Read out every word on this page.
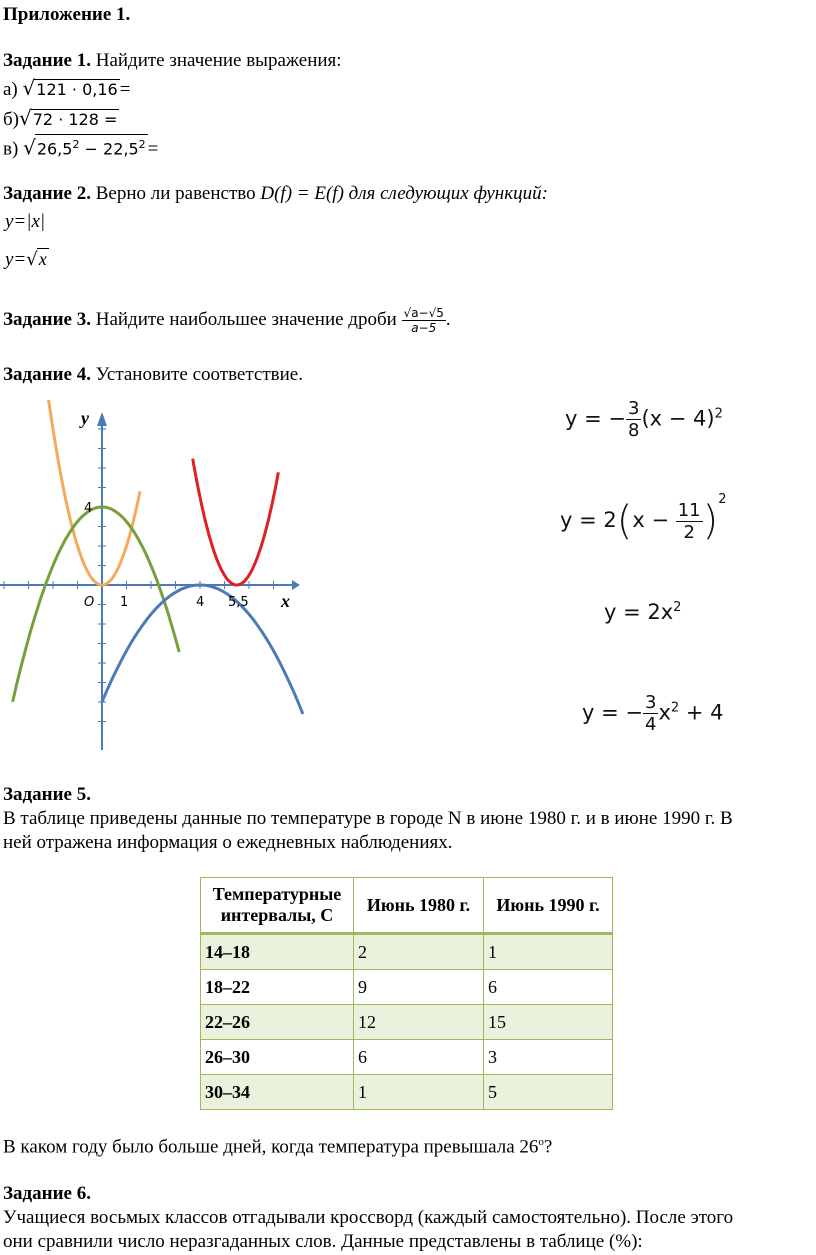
Приложение 1.
Задание 1. Найдите значение выражения:
а) √121 · 0,16 =
б)√72 · 128 =
в) $√26,5^2 - 22,5^2$ =
Задание 2. Верно ли равенство D(f) = E(f) для следующих функций:
y=|x|
y=√x
Задание 3. Найдите наибольшее значение дроби $\frac{√a-√5}{a-5}$ .
Задание 4. Установите соответствие.
y
x
O 1	4 5,5
4
y = − $\frac{3}{8} (x - 4)^2$
$y = 2(x - \frac{11}{2} )^2$
$y = 2x^2$
y = − $\frac{3}{4} x^2 + 4$
Задание 5.
В таблице приведены данные по температуре в городе N в июне 1980 г. и в июне 1990 г. В
ней отражена информация о ежедневных наблюдениях.
Температурные
интервалы, С	Июнь 1980 г.	Июнь 1990 г.
14–18	2	1
18–22	9	6
22–26	12	15
26–30	6	3
30–34	1	5
В каком году было больше дней, когда температура превышала $26^о$?
Задание 6.
Учащиеся восьмых классов отгадывали кроссворд (каждый самостоятельно). После этого
они сравнили число неразгаданных слов. Данные представлены в таблице (%):
